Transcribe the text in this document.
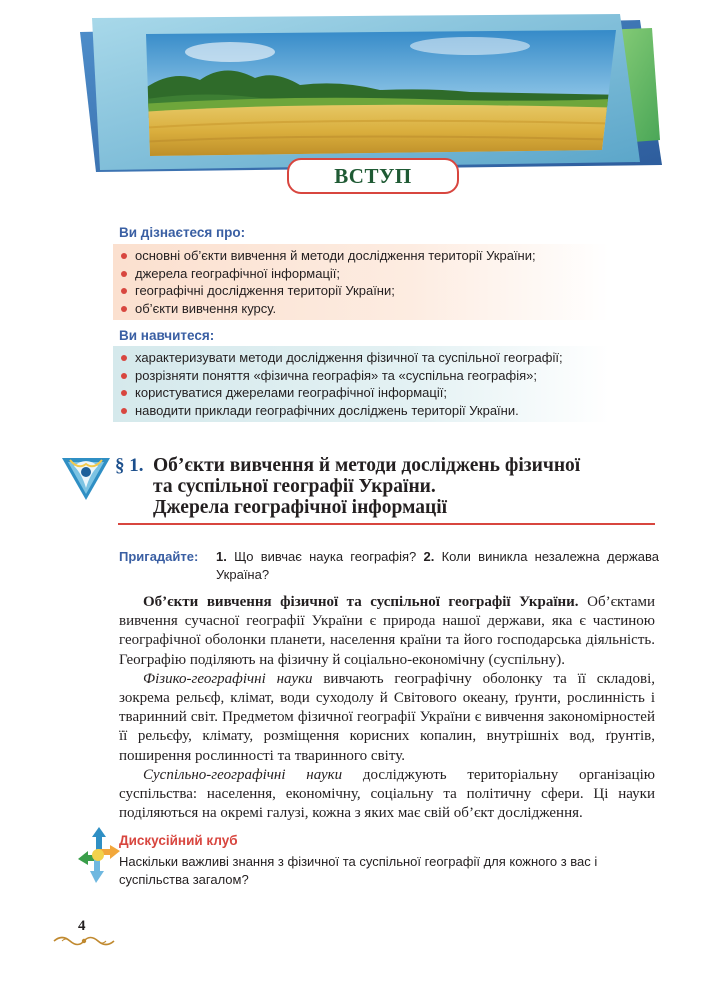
ВСТУП
Ви дізнаєтеся про:
основні об’єкти вивчення й методи дослідження території України;
джерела географічної інформації;
географічні дослідження території України;
об’єкти вивчення курсу.
Ви навчитеся:
характеризувати методи дослідження фізичної та суспільної географії;
розрізняти поняття «фізична географія» та «суспільна географія»;
користуватися джерелами географічної інформації;
наводити приклади географічних досліджень території України.
§ 1. Об’єкти вивчення й методи досліджень фізичної
та суспільної географії України.
Джерела географічної інформації
Пригадайте:	1. Що вивчає наука географія? 2. Коли виникла незалежна держава Україна?

Об’єкти вивчення фізичної та суспільної географії України. Об’єктами вивчення сучасної географії України є природа нашої держави, яка є частиною географічної оболонки планети, населення країни та його господарська діяльність. Географію поділяють на фізичну й соціально-економічну (суспільну).

Фізико-географічні науки вивчають географічну оболонку та її складові, зокрема рельєф, клімат, води суходолу й Світового океану, ґрунти, рослинність і тваринний світ. Предметом фізичної географії України є вивчення закономірностей її рельєфу, клімату, розміщення корисних копалин, внутрішніх вод, ґрунтів, поширення рослинності та тваринного світу.

Суспільно-географічні науки досліджують територіальну організацію суспільства: населення, економічну, соціальну та політичну сфери. Ці науки поділяються на окремі галузі, кожна з яких має свій об’єкт дослідження.

Дискусійний клуб
Наскільки важливі знання з фізичної та суспільної географії для кожного з вас і суспільства загалом?
4
